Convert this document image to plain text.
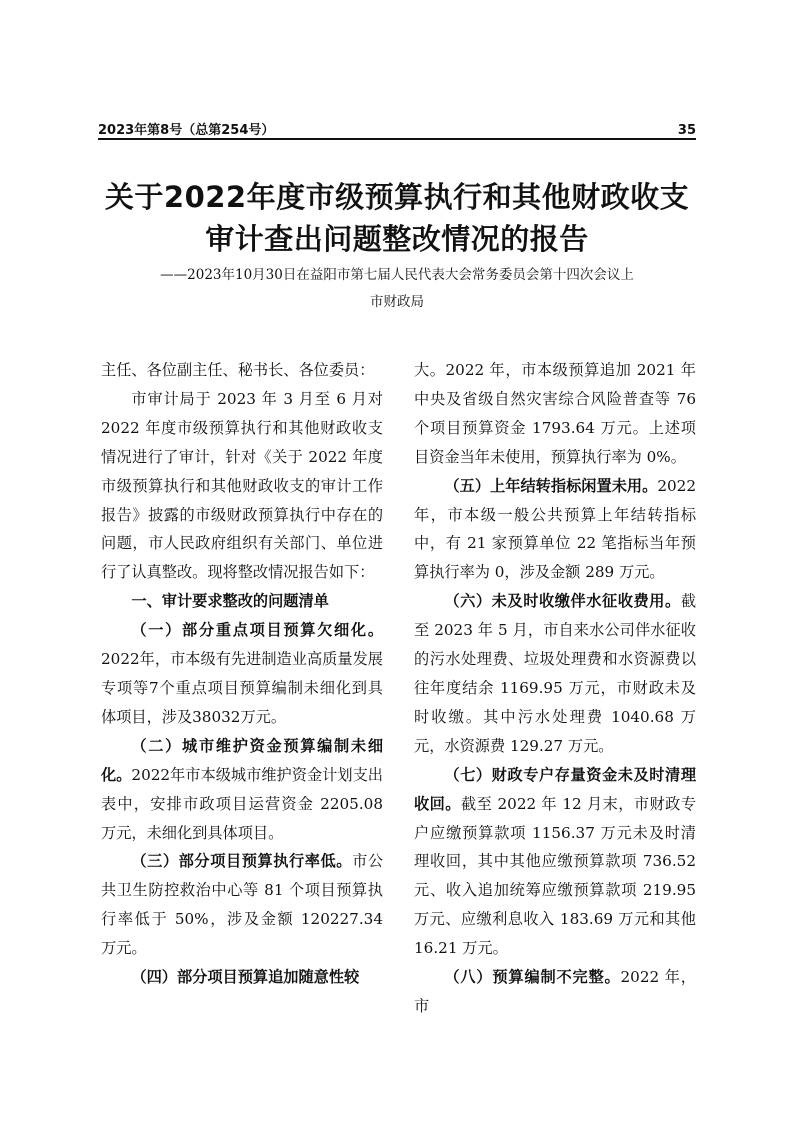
2023年第8号（总第254号）	35
关于2022年度市级预算执行和其他财政收支
审计查出问题整改情况的报告
——2023年10月30日在益阳市第七届人民代表大会常务委员会第十四次会议上
市财政局

主任、各位副主任、秘书长、各位委员：

市审计局于 2023 年 3 月至 6 月对 2022 年度市级预算执行和其他财政收支情况进行了审计，针对《关于 2022 年度市级预算执行和其他财政收支的审计工作报告》披露的市级财政预算执行中存在的问题，市人民政府组织有关部门、单位进行了认真整改。现将整改情况报告如下：

一、审计要求整改的问题清单

（一）部分重点项目预算欠细化。2022年，市本级有先进制造业高质量发展专项等7个重点项目预算编制未细化到具体项目，涉及38032万元。

（二）城市维护资金预算编制未细化。2022年市本级城市维护资金计划支出表中，安排市政项目运营资金 2205.08 万元，未细化到具体项目。

（三）部分项目预算执行率低。市公共卫生防控救治中心等 81 个项目预算执行率低于 50%，涉及金额 120227.34 万元。

（四）部分项目预算追加随意性较

大。2022 年，市本级预算追加 2021 年中央及省级自然灾害综合风险普查等 76 个项目预算资金 1793.64 万元。上述项目资金当年未使用，预算执行率为 0%。

（五）上年结转指标闲置未用。2022 年，市本级一般公共预算上年结转指标中，有 21 家预算单位 22 笔指标当年预算执行率为 0，涉及金额 289 万元。

（六）未及时收缴伴水征收费用。截至 2023 年 5 月，市自来水公司伴水征收的污水处理费、垃圾处理费和水资源费以往年度结余 1169.95 万元，市财政未及时收缴。其中污水处理费 1040.68 万元，水资源费 129.27 万元。

（七）财政专户存量资金未及时清理收回。截至 2022 年 12 月末，市财政专户应缴预算款项 1156.37 万元未及时清理收回，其中其他应缴预算款项 736.52 元、收入追加统筹应缴预算款项 219.95 万元、应缴利息收入 183.69 万元和其他 16.21 万元。

（八）预算编制不完整。2022 年，市
